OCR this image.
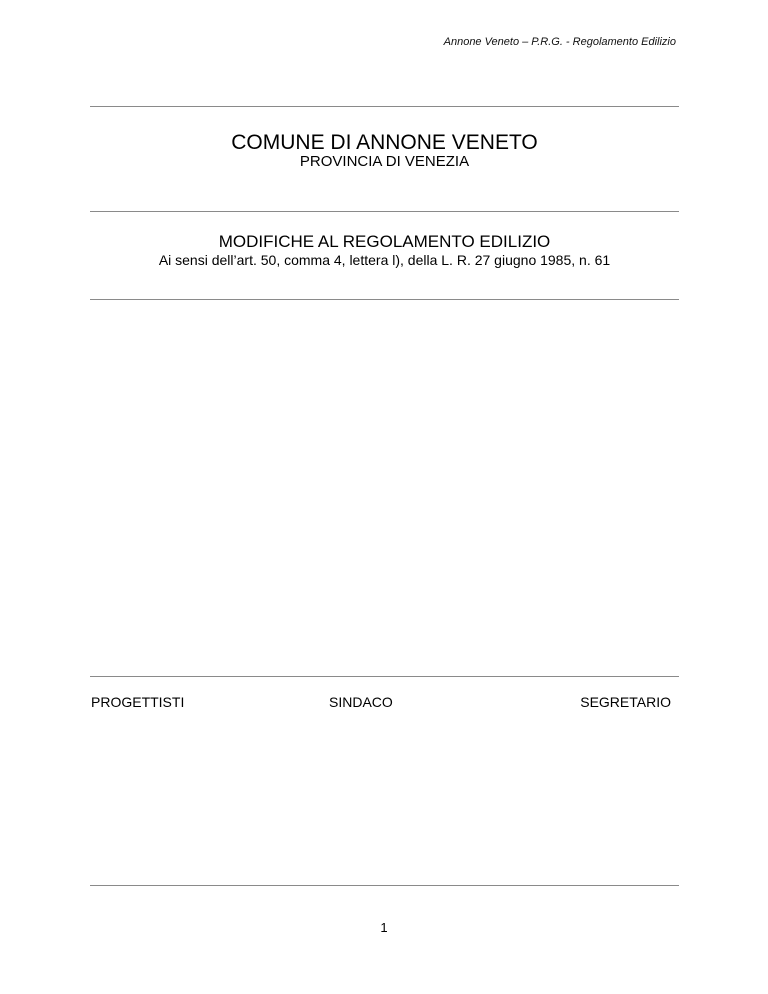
Annone Veneto – P.R.G. - Regolamento Edilizio
COMUNE DI ANNONE VENETO
PROVINCIA DI VENEZIA
MODIFICHE AL REGOLAMENTO EDILIZIO
Ai sensi dell’art. 50, comma 4, lettera l), della L. R. 27 giugno 1985, n. 61
PROGETTISTI	SINDACO	SEGRETARIO
1
